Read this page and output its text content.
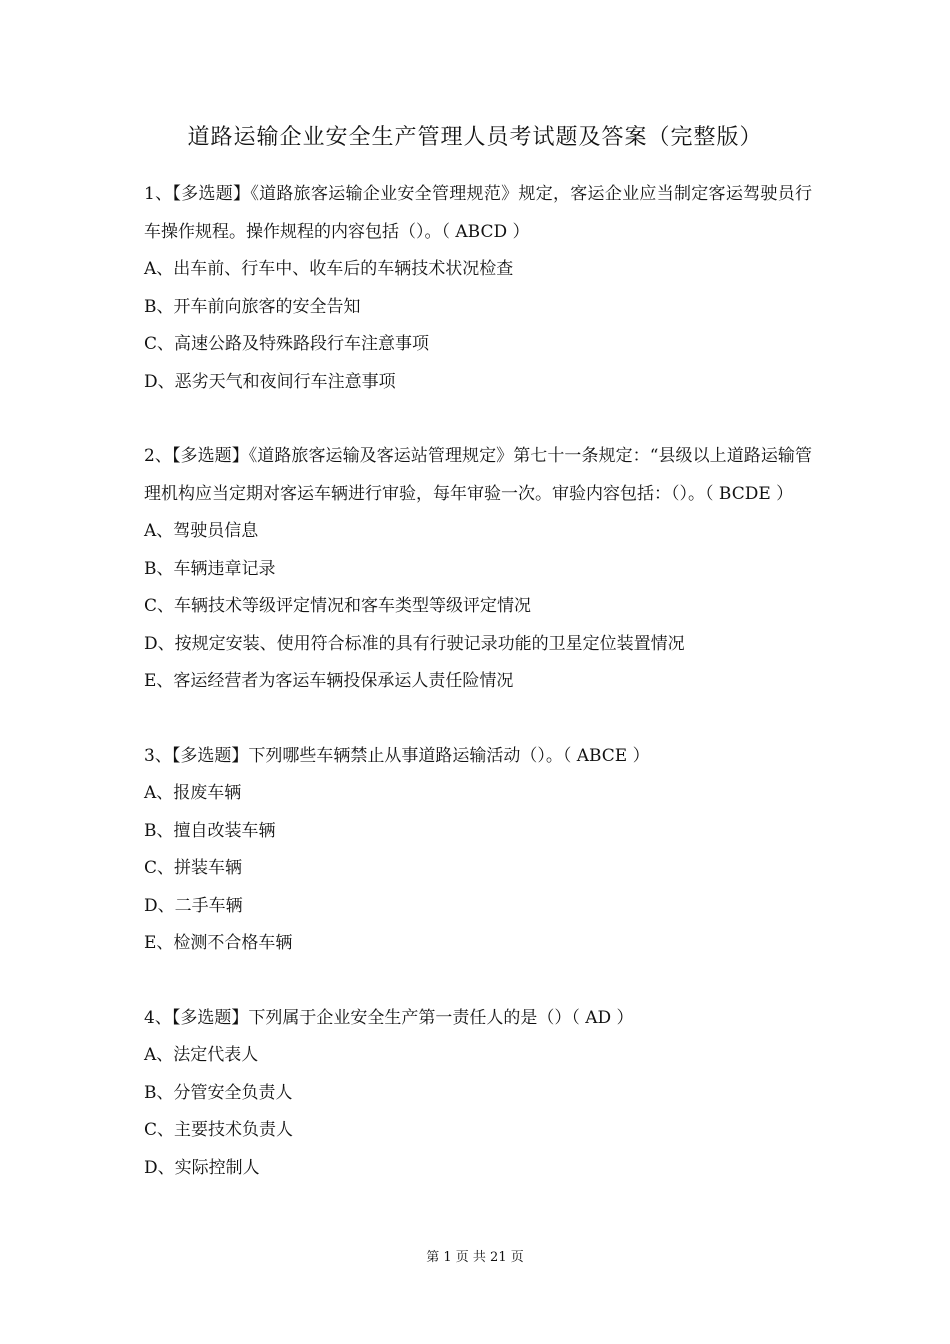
道路运输企业安全生产管理人员考试题及答案（完整版）

1、【多选题】《道路旅客运输企业安全管理规范》规定，客运企业应当制定客运驾驶员行车操作规程。操作规程的内容包括（）。（ ABCD ）

A、出车前、行车中、收车后的车辆技术状况检查

B、开车前向旅客的安全告知

C、高速公路及特殊路段行车注意事项

D、恶劣天气和夜间行车注意事项

2、【多选题】《道路旅客运输及客运站管理规定》第七十一条规定：“县级以上道路运输管理机构应当定期对客运车辆进行审验，每年审验一次。审验内容包括：（）。（ BCDE ）

A、驾驶员信息

B、车辆违章记录

C、车辆技术等级评定情况和客车类型等级评定情况

D、按规定安装、使用符合标准的具有行驶记录功能的卫星定位装置情况

E、客运经营者为客运车辆投保承运人责任险情况

3、【多选题】下列哪些车辆禁止从事道路运输活动（）。（ ABCE ）

A、报废车辆

B、擅自改装车辆

C、拼装车辆

D、二手车辆

E、检测不合格车辆

4、【多选题】下列属于企业安全生产第一责任人的是（）（ AD ）

A、法定代表人

B、分管安全负责人

C、主要技术负责人

D、实际控制人

第 1 页 共 21 页
